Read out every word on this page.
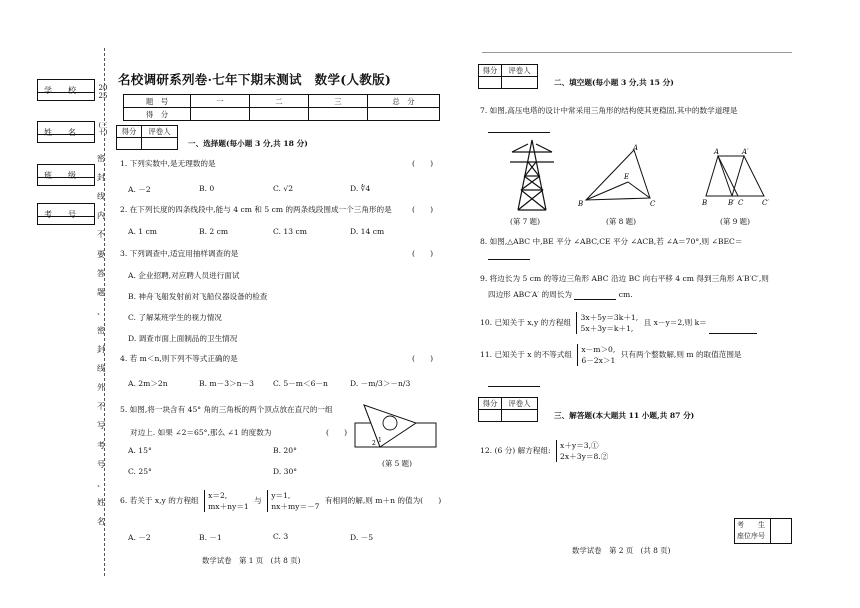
学　　校
姓　　名
班　　级
考　　号
2025
(三十)
密
封
线
内
不
要
答
题
、
密
封
线
外
不
写
考
号
、
姓
名
名校调研系列卷·七年下期末测试　数学(人教版)
题　号	一	二	三	总　分
得　分				
得分	评卷人

一、选择题(每小题 3 分,共 18 分)
1. 下列实数中,是无理数的是	(　　)
A. －2	B. 0	C. √2	D. ∜4
2. 在下列长度的四条线段中,能与 4 cm 和 5 cm 的两条线段围成一个三角形的是	(　　)
A. 1 cm	B. 2 cm	C. 13 cm	D. 14 cm
3. 下列调查中,适宜用抽样调查的是	(　　)
A. 企业招聘,对应聘人员进行面试
B. 神舟飞船发射前对飞船仪器设备的检查
C. 了解某班学生的视力情况
D. 调查市面上面制品的卫生情况
4. 若 m＜n,则下列不等式正确的是	(　　)
A. 2m＞2n	B. m－3＞n－3	C. 5－m＜6－n	D. －m/3＞－n/3
5. 如图,将一块含有 45° 角的三角板的两个顶点放在直尺的一组
对边上. 如果 ∠2＝65°,那么 ∠1 的度数为	(　　)
A. 15°	B. 20°
C. 25°	D. 30°
2 1
(第 5 题)
6. 若关于 x,y 的方程组 x＝2,
mx＋ny＝1 与 y＝1,
nx＋my＝－7 有相同的解,则 m＋n 的值为(　　)
A. －2	B. －1	C. 3	D. －5
数学试卷　第 1 页　(共 8 页)
得分	评卷人

二、填空题(每小题 3 分,共 15 分)
7. 如图,高压电塔的设计中常采用三角形的结构使其更稳固,其中的数学道理是
(第 7 题)
A
B	C
E
(第 8 题)
A	A′
B	B′ C	C′
(第 9 题)
8. 如图,△ABC 中,BE 平分 ∠ABC,CE 平分 ∠ACB,若 ∠A＝70°,则 ∠BEC＝
9. 将边长为 5 cm 的等边三角形 ABC 沿边 BC 向右平移 4 cm 得到三角形 A′B′C′,则
四边形 ABC′A′ 的周长为	cm.
10. 已知关于 x,y 的方程组 3x＋5y＝3k＋1,
5x＋3y＝k＋1, 且 x－y＝2,则 k＝
11. 已知关于 x 的不等式组 x－m＞0,
6－2x＞1 只有两个整数解,则 m 的取值范围是
得分	评卷人

三、解答题(本大题共 11 小题,共 87 分)
12. (6 分) 解方程组: x＋y＝3,①
2x＋3y＝8.②
考　　生
座位序号
数学试卷　第 2 页　(共 8 页)
